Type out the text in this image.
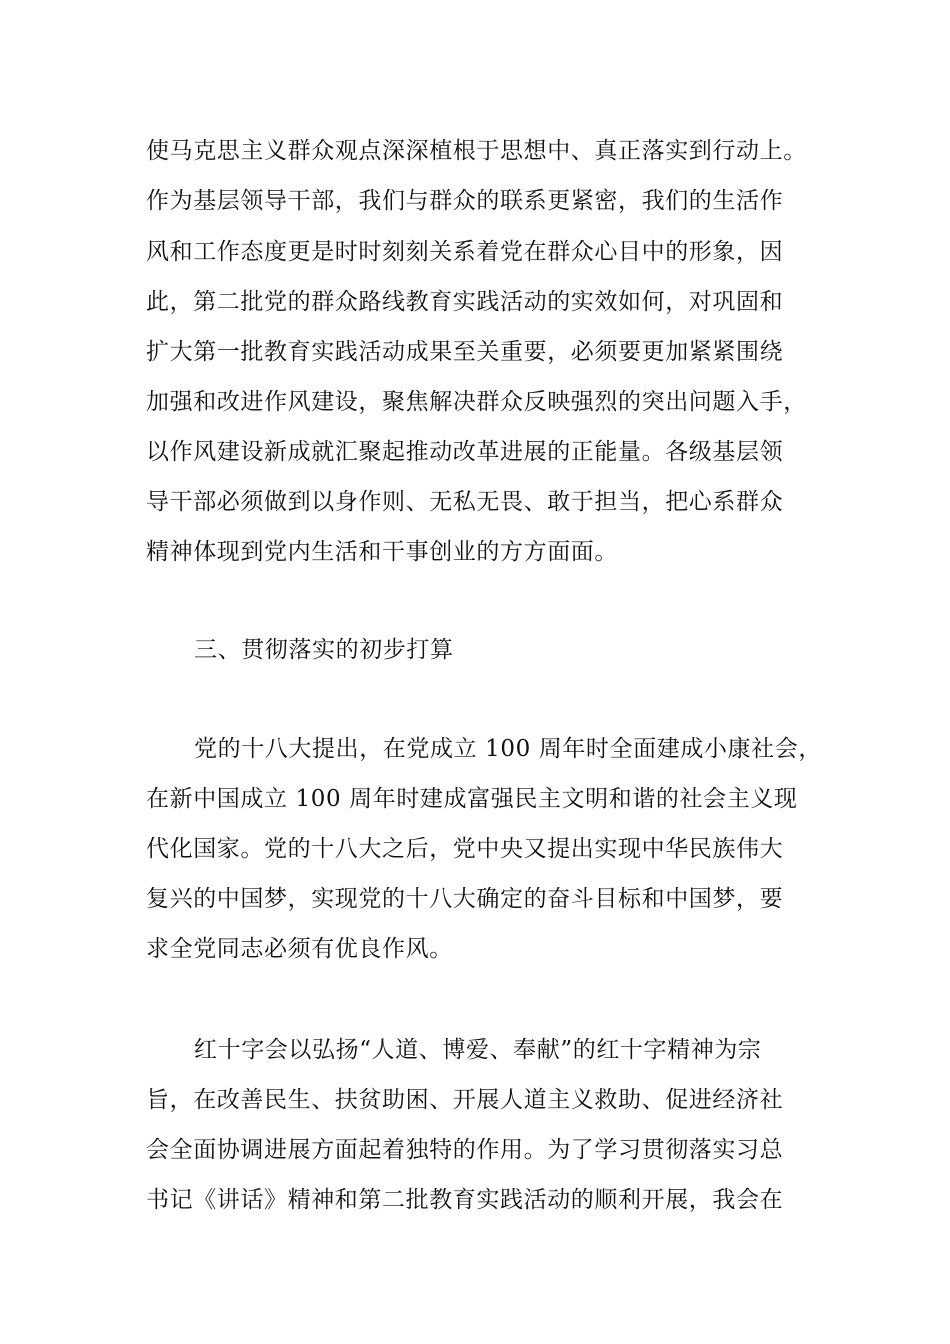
使马克思主义群众观点深深植根于思想中、真正落实到行动上。

作为基层领导干部，我们与群众的联系更紧密，我们的生活作

风和工作态度更是时时刻刻关系着党在群众心目中的形象，因

此，第二批党的群众路线教育实践活动的实效如何，对巩固和

扩大第一批教育实践活动成果至关重要，必须要更加紧紧围绕

加强和改进作风建设，聚焦解决群众反映强烈的突出问题入手，

以作风建设新成就汇聚起推动改革进展的正能量。各级基层领

导干部必须做到以身作则、无私无畏、敢于担当，把心系群众

精神体现到党内生活和干事创业的方方面面。

三、贯彻落实的初步打算

党的十八大提出，在党成立 100 周年时全面建成小康社会，

在新中国成立 100 周年时建成富强民主文明和谐的社会主义现

代化国家。党的十八大之后，党中央又提出实现中华民族伟大

复兴的中国梦，实现党的十八大确定的奋斗目标和中国梦，要

求全党同志必须有优良作风。

红十字会以弘扬“人道、博爱、奉献”的红十字精神为宗

旨，在改善民生、扶贫助困、开展人道主义救助、促进经济社

会全面协调进展方面起着独特的作用。为了学习贯彻落实习总

书记《讲话》精神和第二批教育实践活动的顺利开展，我会在
